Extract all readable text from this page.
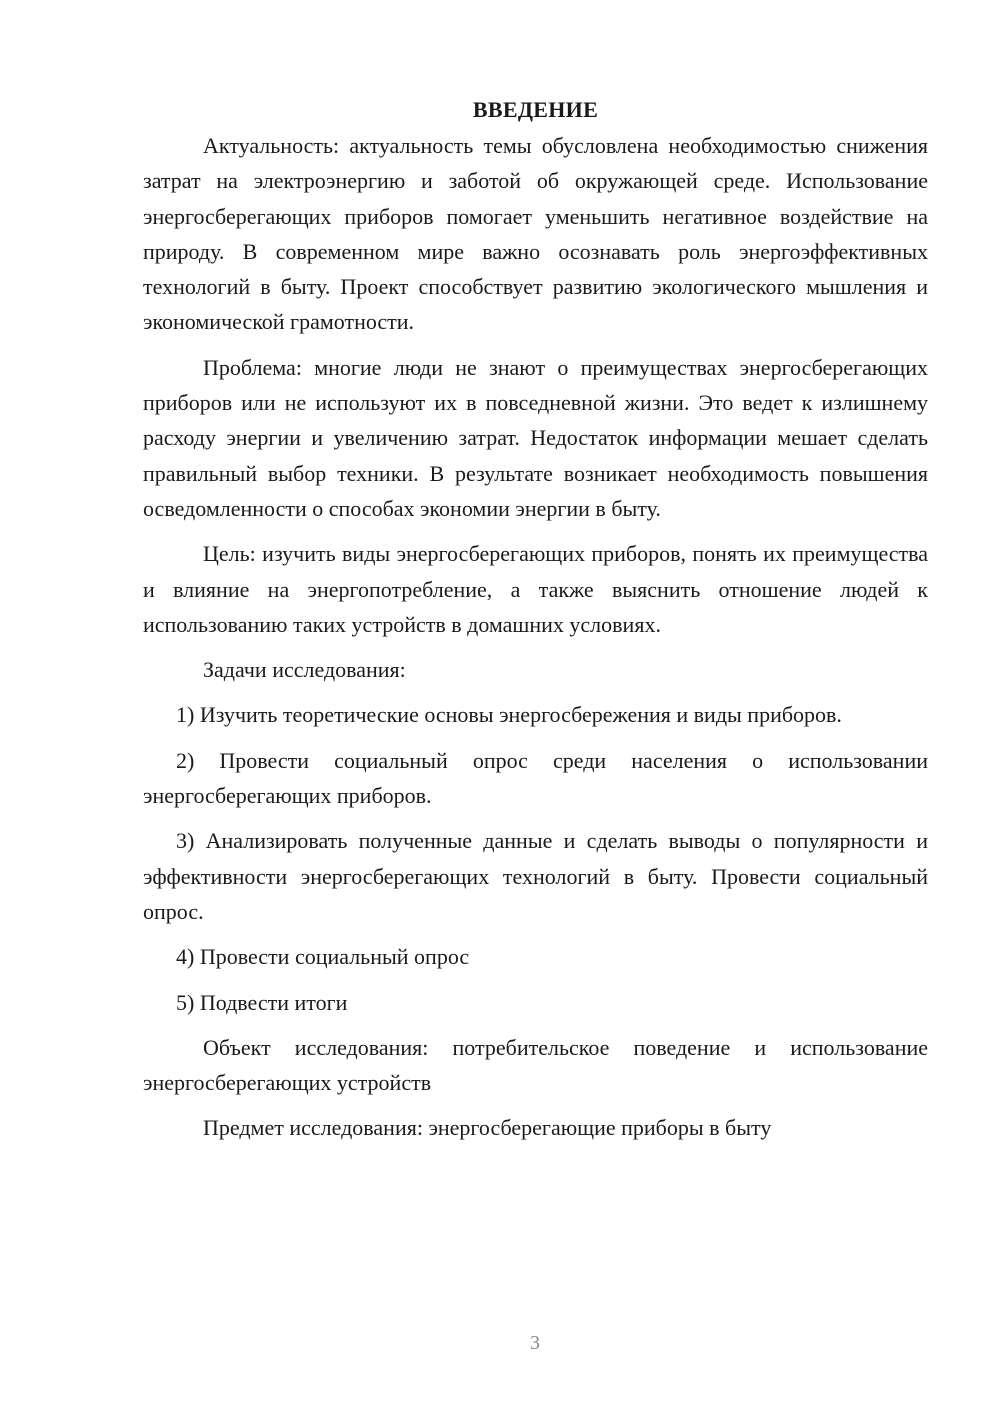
ВВЕДЕНИЕ

Актуальность: актуальность темы обусловлена необходимостью снижения затрат на электроэнергию и заботой об окружающей среде. Использование энергосберегающих приборов помогает уменьшить негативное воздействие на природу. В современном мире важно осознавать роль энергоэффективных технологий в быту. Проект способствует развитию экологического мышления и экономической грамотности.

Проблема: многие люди не знают о преимуществах энергосберегающих приборов или не используют их в повседневной жизни. Это ведет к излишнему расходу энергии и увеличению затрат. Недостаток информации мешает сделать правильный выбор техники. В результате возникает необходимость повышения осведомленности о способах экономии энергии в быту.

Цель: изучить виды энергосберегающих приборов, понять их преимущества и влияние на энергопотребление, а также выяснить отношение людей к использованию таких устройств в домашних условиях.

Задачи исследования:

1) Изучить теоретические основы энергосбережения и виды приборов.

2) Провести социальный опрос среди населения о использовании энергосберегающих приборов.

3) Анализировать полученные данные и сделать выводы о популярности и эффективности энергосберегающих технологий в быту. Провести социальный опрос.

4) Провести социальный опрос

5) Подвести итоги

Объект исследования: потребительское поведение и использование энергосберегающих устройств

Предмет исследования: энергосберегающие приборы в быту

3
